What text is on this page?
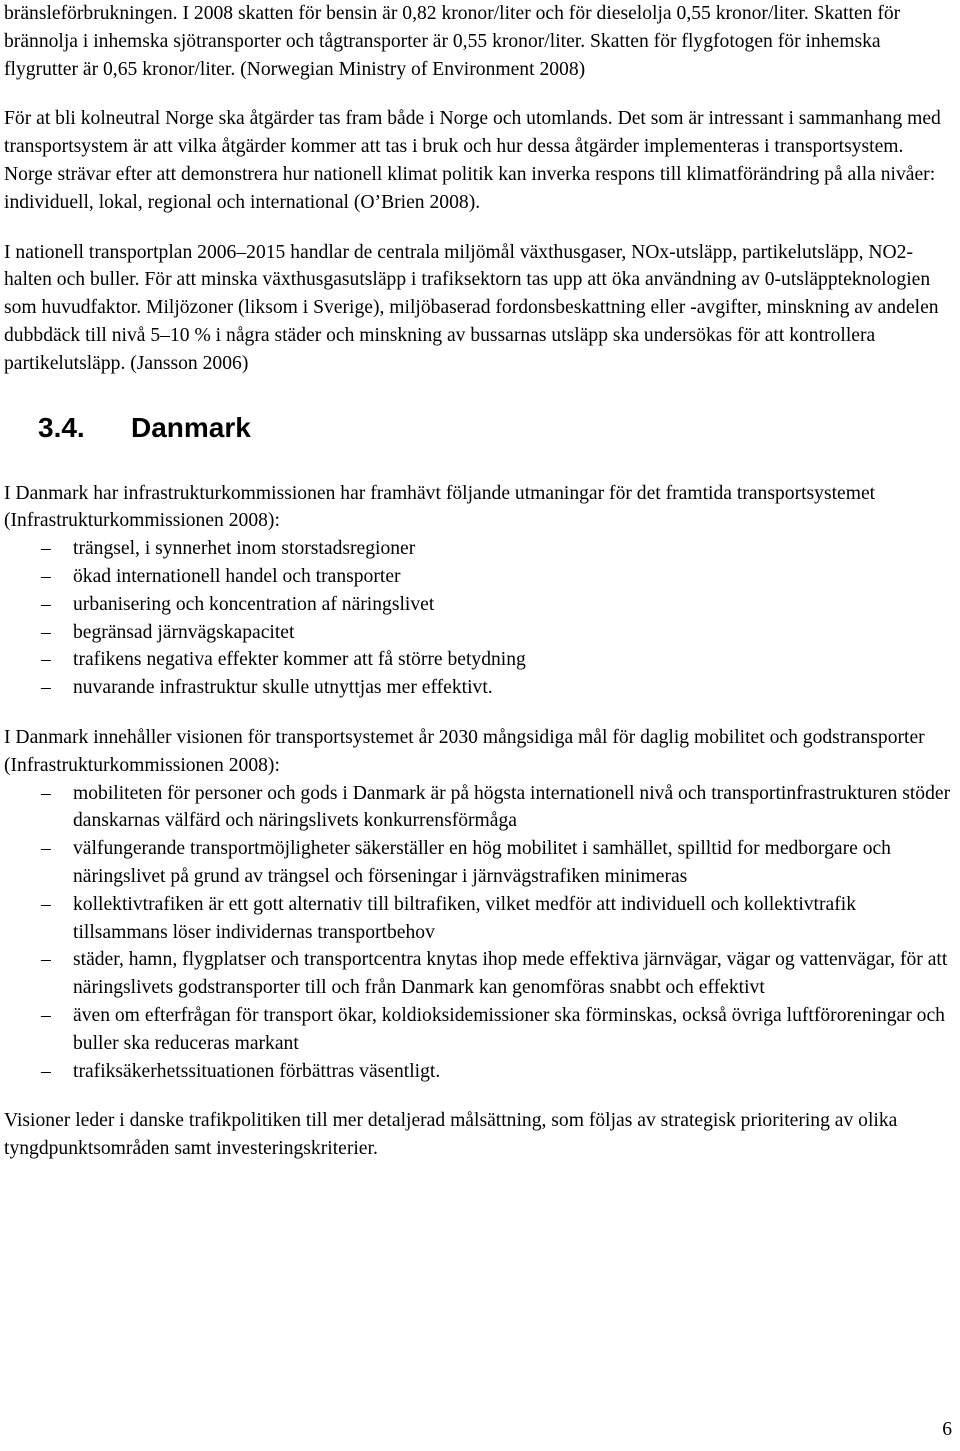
bränsleförbrukningen. I 2008 skatten för bensin är 0,82 kronor/liter och för dieselolja 0,55 kronor/liter. Skatten för brännolja i inhemska sjötransporter och tågtransporter är 0,55 kronor/liter. Skatten för flygfotogen för inhemska flygrutter är 0,65 kronor/liter. (Norwegian Ministry of Environment 2008)

För at bli kolneutral Norge ska åtgärder tas fram både i Norge och utomlands. Det som är intressant i sammanhang med transportsystem är att vilka åtgärder kommer att tas i bruk och hur dessa åtgärder implementeras i transportsystem. Norge strävar efter att demonstrera hur nationell klimat politik kan inverka respons till klimatförändring på alla nivåer: individuell, lokal, regional och international (O’Brien 2008).

I nationell transportplan 2006–2015 handlar de centrala miljömål växthusgaser, NOx-utsläpp, partikelutsläpp, NO2-halten och buller. För att minska växthusgasutsläpp i trafiksektorn tas upp att öka användning av 0-utsläppteknologien som huvudfaktor. Miljözoner (liksom i Sverige), miljöbaserad fordonsbeskattning eller -avgifter, minskning av andelen dubbdäck till nivå 5–10 % i några städer och minskning av bussarnas utsläpp ska undersökas för att kontrollera partikelutsläpp. (Jansson 2006)

3.4.	Danmark

I Danmark har infrastrukturkommissionen har framhävt följande utmaningar för det framtida transportsystemet (Infrastrukturkommissionen 2008):

– trängsel, i synnerhet inom storstadsregioner
– ökad internationell handel och transporter
– urbanisering och koncentration af näringslivet
– begränsad järnvägskapacitet
– trafikens negativa effekter kommer att få större betydning
– nuvarande infrastruktur skulle utnyttjas mer effektivt.

I Danmark innehåller visionen för transportsystemet år 2030 mångsidiga mål för daglig mobilitet och godstransporter (Infrastrukturkommissionen 2008):

– mobiliteten för personer och gods i Danmark är på högsta internationell nivå och transportinfrastrukturen stöder danskarnas välfärd och näringslivets konkurrensförmåga
– välfungerande transportmöjligheter säkerställer en hög mobilitet i samhället, spilltid for medborgare och näringslivet på grund av trängsel och förseningar i järnvägstrafiken minimeras
– kollektivtrafiken är ett gott alternativ till biltrafiken, vilket medför att individuell och kollektivtrafik tillsammans löser individernas transportbehov
– städer, hamn, flygplatser och transportcentra knytas ihop mede effektiva järnvägar, vägar og vattenvägar, för att näringslivets godstransporter till och från Danmark kan genomföras snabbt och effektivt
– även om efterfrågan för transport ökar, koldioksidemissioner ska förminskas, också övriga luftföroreningar och buller ska reduceras markant
– trafiksäkerhetssituationen förbättras väsentligt.

Visioner leder i danske trafikpolitiken till mer detaljerad målsättning, som följas av strategisk prioritering av olika tyngdpunktsområden samt investeringskriterier.

6
